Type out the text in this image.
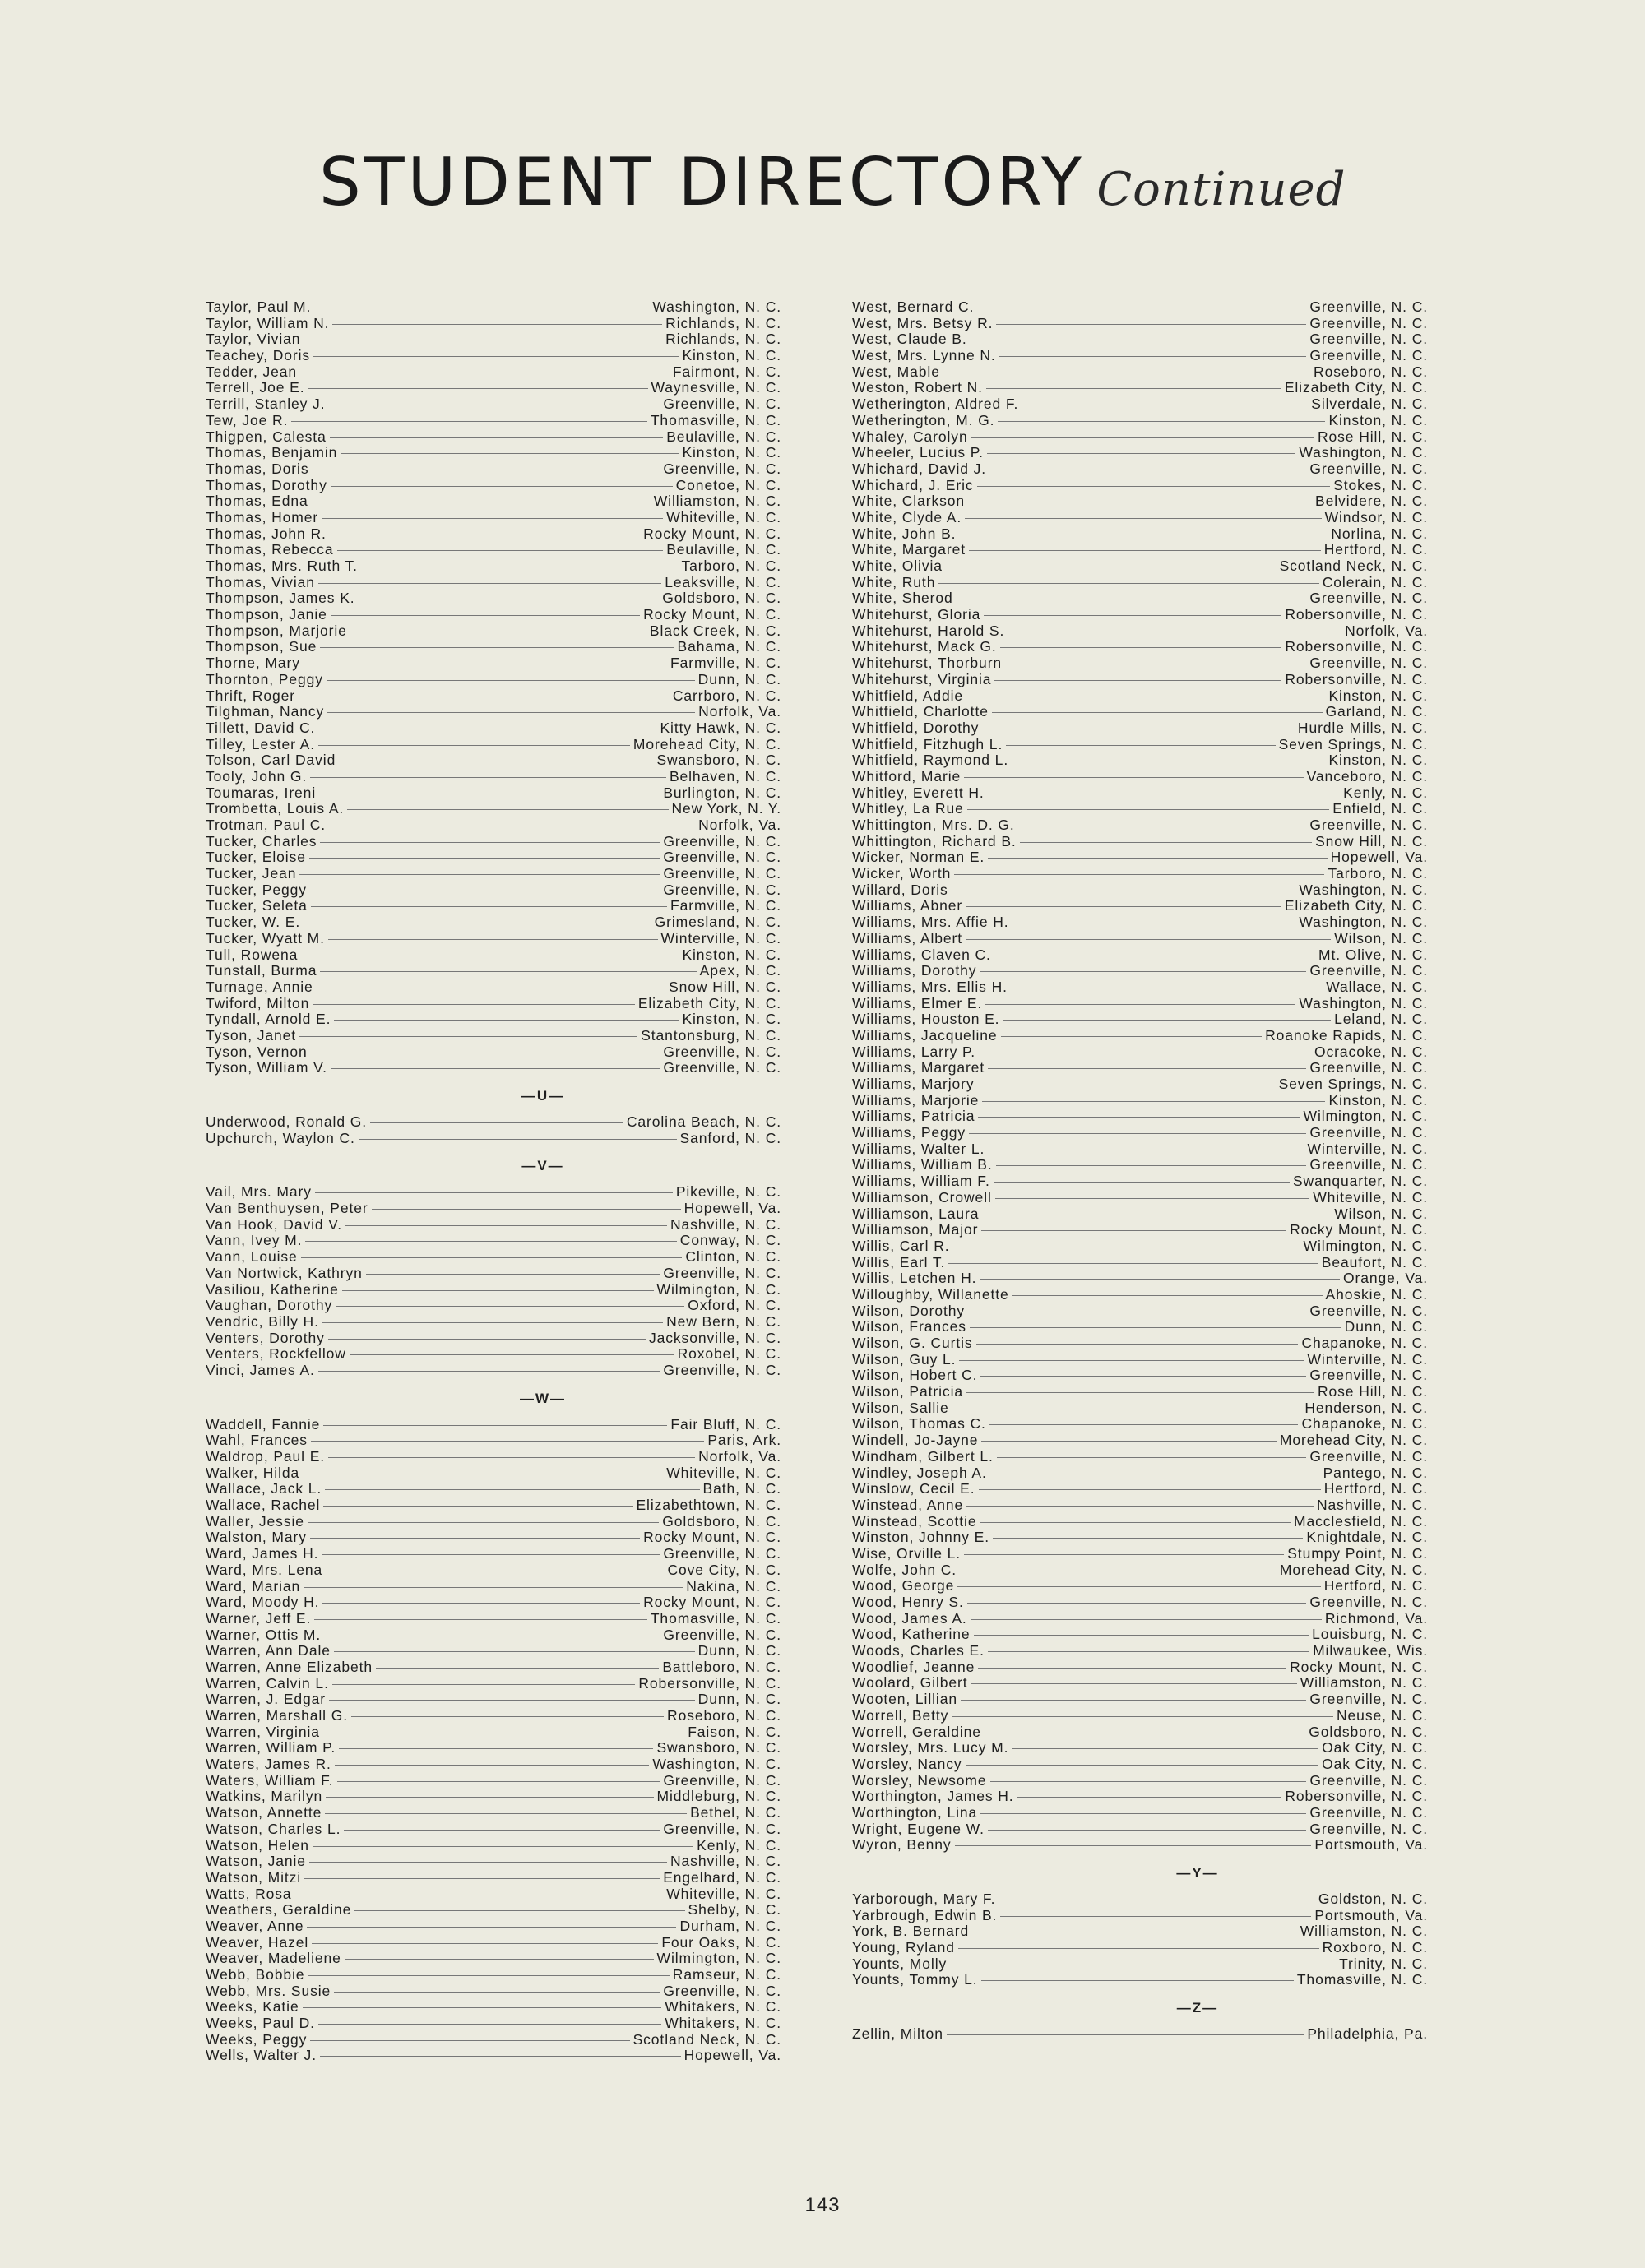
STUDENT DIRECTORY Continued
Taylor, Paul M.	Washington, N. C.
Taylor, William N.	Richlands, N. C.
Taylor, Vivian	Richlands, N. C.
Teachey, Doris	Kinston, N. C.
Tedder, Jean	Fairmont, N. C.
Terrell, Joe E.	Waynesville, N. C.
Terrill, Stanley J.	Greenville, N. C.
Tew, Joe R.	Thomasville, N. C.
Thigpen, Calesta	Beulaville, N. C.
Thomas, Benjamin	Kinston, N. C.
Thomas, Doris	Greenville, N. C.
Thomas, Dorothy	Conetoe, N. C.
Thomas, Edna	Williamston, N. C.
Thomas, Homer	Whiteville, N. C.
Thomas, John R.	Rocky Mount, N. C.
Thomas, Rebecca	Beulaville, N. C.
Thomas, Mrs. Ruth T.	Tarboro, N. C.
Thomas, Vivian	Leaksville, N. C.
Thompson, James K.	Goldsboro, N. C.
Thompson, Janie	Rocky Mount, N. C.
Thompson, Marjorie	Black Creek, N. C.
Thompson, Sue	Bahama, N. C.
Thorne, Mary	Farmville, N. C.
Thornton, Peggy	Dunn, N. C.
Thrift, Roger	Carrboro, N. C.
Tilghman, Nancy	Norfolk, Va.
Tillett, David C.	Kitty Hawk, N. C.
Tilley, Lester A.	Morehead City, N. C.
Tolson, Carl David	Swansboro, N. C.
Tooly, John G.	Belhaven, N. C.
Toumaras, Ireni	Burlington, N. C.
Trombetta, Louis A.	New York, N. Y.
Trotman, Paul C.	Norfolk, Va.
Tucker, Charles	Greenville, N. C.
Tucker, Eloise	Greenville, N. C.
Tucker, Jean	Greenville, N. C.
Tucker, Peggy	Greenville, N. C.
Tucker, Seleta	Farmville, N. C.
Tucker, W. E.	Grimesland, N. C.
Tucker, Wyatt M.	Winterville, N. C.
Tull, Rowena	Kinston, N. C.
Tunstall, Burma	Apex, N. C.
Turnage, Annie	Snow Hill, N. C.
Twiford, Milton	Elizabeth City, N. C.
Tyndall, Arnold E.	Kinston, N. C.
Tyson, Janet	Stantonsburg, N. C.
Tyson, Vernon	Greenville, N. C.
Tyson, William V.	Greenville, N. C.
—U—
Underwood, Ronald G.	Carolina Beach, N. C.
Upchurch, Waylon C.	Sanford, N. C.
—V—
Vail, Mrs. Mary	Pikeville, N. C.
Van Benthuysen, Peter	Hopewell, Va.
Van Hook, David V.	Nashville, N. C.
Vann, Ivey M.	Conway, N. C.
Vann, Louise	Clinton, N. C.
Van Nortwick, Kathryn	Greenville, N. C.
Vasiliou, Katherine	Wilmington, N. C.
Vaughan, Dorothy	Oxford, N. C.
Vendric, Billy H.	New Bern, N. C.
Venters, Dorothy	Jacksonville, N. C.
Venters, Rockfellow	Roxobel, N. C.
Vinci, James A.	Greenville, N. C.
—W—
Waddell, Fannie	Fair Bluff, N. C.
Wahl, Frances	Paris, Ark.
Waldrop, Paul E.	Norfolk, Va.
Walker, Hilda	Whiteville, N. C.
Wallace, Jack L.	Bath, N. C.
Wallace, Rachel	Elizabethtown, N. C.
Waller, Jessie	Goldsboro, N. C.
Walston, Mary	Rocky Mount, N. C.
Ward, James H.	Greenville, N. C.
Ward, Mrs. Lena	Cove City, N. C.
Ward, Marian	Nakina, N. C.
Ward, Moody H.	Rocky Mount, N. C.
Warner, Jeff E.	Thomasville, N. C.
Warner, Ottis M.	Greenville, N. C.
Warren, Ann Dale	Dunn, N. C.
Warren, Anne Elizabeth	Battleboro, N. C.
Warren, Calvin L.	Robersonville, N. C.
Warren, J. Edgar	Dunn, N. C.
Warren, Marshall G.	Roseboro, N. C.
Warren, Virginia	Faison, N. C.
Warren, William P.	Swansboro, N. C.
Waters, James R.	Washington, N. C.
Waters, William F.	Greenville, N. C.
Watkins, Marilyn	Middleburg, N. C.
Watson, Annette	Bethel, N. C.
Watson, Charles L.	Greenville, N. C.
Watson, Helen	Kenly, N. C.
Watson, Janie	Nashville, N. C.
Watson, Mitzi	Engelhard, N. C.
Watts, Rosa	Whiteville, N. C.
Weathers, Geraldine	Shelby, N. C.
Weaver, Anne	Durham, N. C.
Weaver, Hazel	Four Oaks, N. C.
Weaver, Madeliene	Wilmington, N. C.
Webb, Bobbie	Ramseur, N. C.
Webb, Mrs. Susie	Greenville, N. C.
Weeks, Katie	Whitakers, N. C.
Weeks, Paul D.	Whitakers, N. C.
Weeks, Peggy	Scotland Neck, N. C.
Wells, Walter J.	Hopewell, Va.
West, Bernard C.	Greenville, N. C.
West, Mrs. Betsy R.	Greenville, N. C.
West, Claude B.	Greenville, N. C.
West, Mrs. Lynne N.	Greenville, N. C.
West, Mable	Roseboro, N. C.
Weston, Robert N.	Elizabeth City, N. C.
Wetherington, Aldred F.	Silverdale, N. C.
Wetherington, M. G.	Kinston, N. C.
Whaley, Carolyn	Rose Hill, N. C.
Wheeler, Lucius P.	Washington, N. C.
Whichard, David J.	Greenville, N. C.
Whichard, J. Eric	Stokes, N. C.
White, Clarkson	Belvidere, N. C.
White, Clyde A.	Windsor, N. C.
White, John B.	Norlina, N. C.
White, Margaret	Hertford, N. C.
White, Olivia	Scotland Neck, N. C.
White, Ruth	Colerain, N. C.
White, Sherod	Greenville, N. C.
Whitehurst, Gloria	Robersonville, N. C.
Whitehurst, Harold S.	Norfolk, Va.
Whitehurst, Mack G.	Robersonville, N. C.
Whitehurst, Thorburn	Greenville, N. C.
Whitehurst, Virginia	Robersonville, N. C.
Whitfield, Addie	Kinston, N. C.
Whitfield, Charlotte	Garland, N. C.
Whitfield, Dorothy	Hurdle Mills, N. C.
Whitfield, Fitzhugh L.	Seven Springs, N. C.
Whitfield, Raymond L.	Kinston, N. C.
Whitford, Marie	Vanceboro, N. C.
Whitley, Everett H.	Kenly, N. C.
Whitley, La Rue	Enfield, N. C.
Whittington, Mrs. D. G.	Greenville, N. C.
Whittington, Richard B.	Snow Hill, N. C.
Wicker, Norman E.	Hopewell, Va.
Wicker, Worth	Tarboro, N. C.
Willard, Doris	Washington, N. C.
Williams, Abner	Elizabeth City, N. C.
Williams, Mrs. Affie H.	Washington, N. C.
Williams, Albert	Wilson, N. C.
Williams, Claven C.	Mt. Olive, N. C.
Williams, Dorothy	Greenville, N. C.
Williams, Mrs. Ellis H.	Wallace, N. C.
Williams, Elmer E.	Washington, N. C.
Williams, Houston E.	Leland, N. C.
Williams, Jacqueline	Roanoke Rapids, N. C.
Williams, Larry P.	Ocracoke, N. C.
Williams, Margaret	Greenville, N. C.
Williams, Marjory	Seven Springs, N. C.
Williams, Marjorie	Kinston, N. C.
Williams, Patricia	Wilmington, N. C.
Williams, Peggy	Greenville, N. C.
Williams, Walter L.	Winterville, N. C.
Williams, William B.	Greenville, N. C.
Williams, William F.	Swanquarter, N. C.
Williamson, Crowell	Whiteville, N. C.
Williamson, Laura	Wilson, N. C.
Williamson, Major	Rocky Mount, N. C.
Willis, Carl R.	Wilmington, N. C.
Willis, Earl T.	Beaufort, N. C.
Willis, Letchen H.	Orange, Va.
Willoughby, Willanette	Ahoskie, N. C.
Wilson, Dorothy	Greenville, N. C.
Wilson, Frances	Dunn, N. C.
Wilson, G. Curtis	Chapanoke, N. C.
Wilson, Guy L.	Winterville, N. C.
Wilson, Hobert C.	Greenville, N. C.
Wilson, Patricia	Rose Hill, N. C.
Wilson, Sallie	Henderson, N. C.
Wilson, Thomas C.	Chapanoke, N. C.
Windell, Jo-Jayne	Morehead City, N. C.
Windham, Gilbert L.	Greenville, N. C.
Windley, Joseph A.	Pantego, N. C.
Winslow, Cecil E.	Hertford, N. C.
Winstead, Anne	Nashville, N. C.
Winstead, Scottie	Macclesfield, N. C.
Winston, Johnny E.	Knightdale, N. C.
Wise, Orville L.	Stumpy Point, N. C.
Wolfe, John C.	Morehead City, N. C.
Wood, George	Hertford, N. C.
Wood, Henry S.	Greenville, N. C.
Wood, James A.	Richmond, Va.
Wood, Katherine	Louisburg, N. C.
Woods, Charles E.	Milwaukee, Wis.
Woodlief, Jeanne	Rocky Mount, N. C.
Woolard, Gilbert	Williamston, N. C.
Wooten, Lillian	Greenville, N. C.
Worrell, Betty	Neuse, N. C.
Worrell, Geraldine	Goldsboro, N. C.
Worsley, Mrs. Lucy M.	Oak City, N. C.
Worsley, Nancy	Oak City, N. C.
Worsley, Newsome	Greenville, N. C.
Worthington, James H.	Robersonville, N. C.
Worthington, Lina	Greenville, N. C.
Wright, Eugene W.	Greenville, N. C.
Wyron, Benny	Portsmouth, Va.
—Y—
Yarborough, Mary F.	Goldston, N. C.
Yarbrough, Edwin B.	Portsmouth, Va.
York, B. Bernard	Williamston, N. C.
Young, Ryland	Roxboro, N. C.
Younts, Molly	Trinity, N. C.
Younts, Tommy L.	Thomasville, N. C.
—Z—
Zellin, Milton	Philadelphia, Pa.
143
